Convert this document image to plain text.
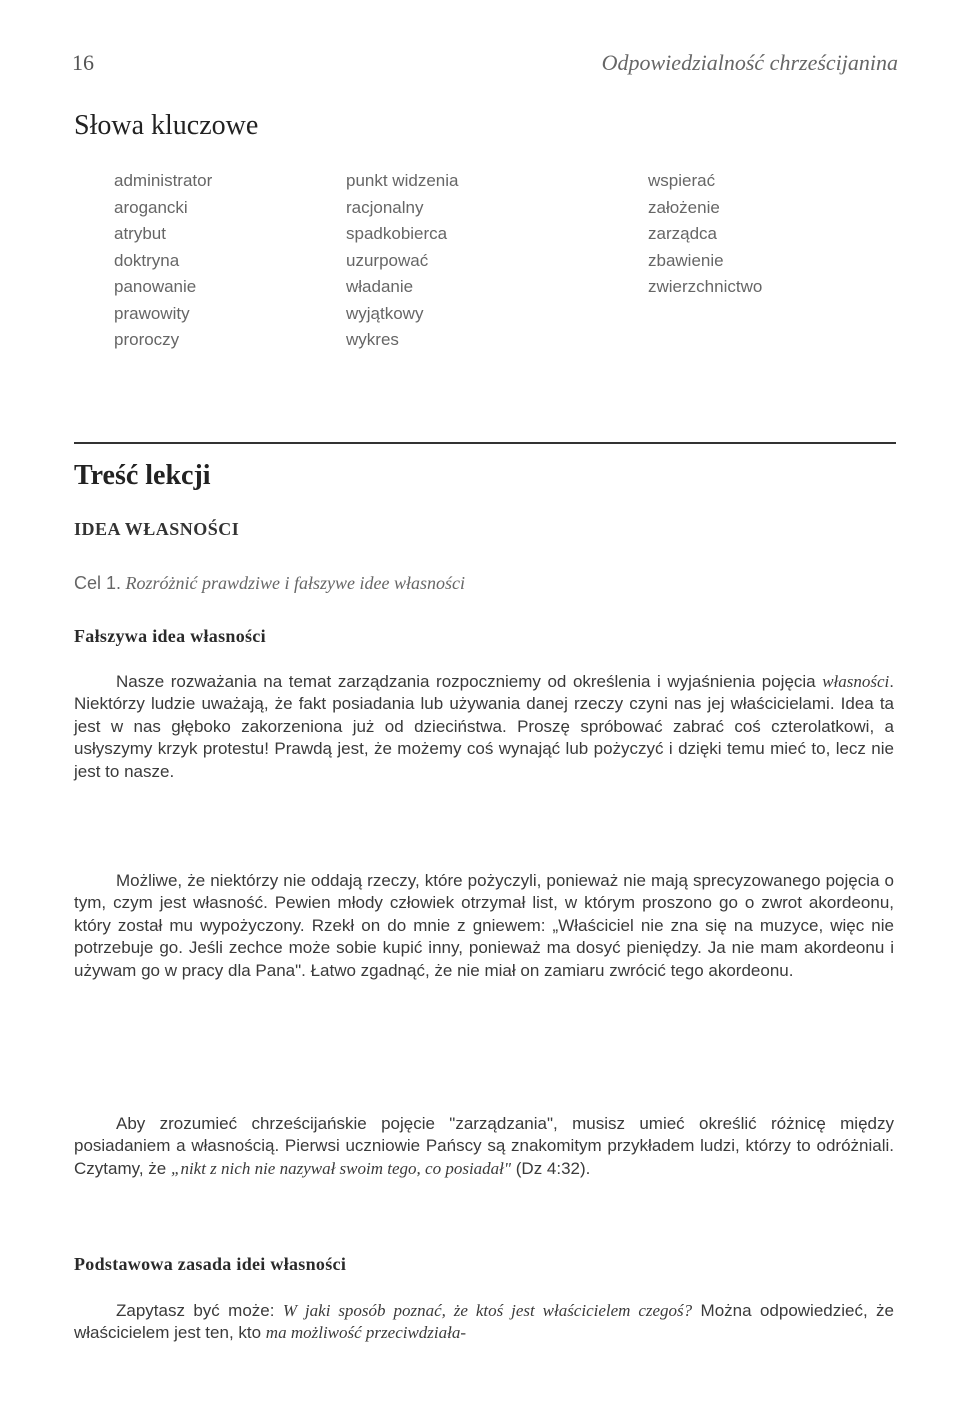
16	Odpowiedzialność chrześcijanina
Słowa kluczowe
administrator
arogancki
atrybut
doktryna
panowanie
prawowity
proroczy
punkt widzenia
racjonalny
spadkobierca
uzurpować
władanie
wyjątkowy
wykres
wspierać
założenie
zarządca
zbawienie
zwierzchnictwo
Treść lekcji
IDEA WŁASNOŚCI
Cel 1. Rozróżnić prawdziwe i fałszywe idee własności
Fałszywa idea własności

Nasze rozważania na temat zarządzania rozpoczniemy od określenia i wyjaśnienia pojęcia własności. Niektórzy ludzie uważają, że fakt posiadania lub używania danej rzeczy czyni nas jej właścicielami. Idea ta jest w nas głęboko zakorzeniona już od dzieciństwa. Proszę spróbować zabrać coś czterolatkowi, a usłyszymy krzyk protestu! Prawdą jest, że możemy coś wynająć lub pożyczyć i dzięki temu mieć to, lecz nie jest to nasze.

Możliwe, że niektórzy nie oddają rzeczy, które pożyczyli, ponieważ nie mają sprecyzowanego pojęcia o tym, czym jest własność. Pewien młody człowiek otrzymał list, w którym proszono go o zwrot akordeonu, który został mu wypożyczony. Rzekł on do mnie z gniewem: „Właściciel nie zna się na muzyce, więc nie potrzebuje go. Jeśli zechce może sobie kupić inny, ponieważ ma dosyć pieniędzy. Ja nie mam akordeonu i używam go w pracy dla Pana". Łatwo zgadnąć, że nie miał on zamiaru zwrócić tego akordeonu.

Aby zrozumieć chrześcijańskie pojęcie "zarządzania", musisz umieć określić różnicę między posiadaniem a własnością. Pierwsi uczniowie Pańscy są znakomitym przykładem ludzi, którzy to odróżniali. Czytamy, że „nikt z nich nie nazywał swoim tego, co posiadał" (Dz 4:32).

Podstawowa zasada idei własności

Zapytasz być może: W jaki sposób poznać, że ktoś jest właścicielem czegoś? Można odpowiedzieć, że właścicielem jest ten, kto ma możliwość przeciwdziała-
